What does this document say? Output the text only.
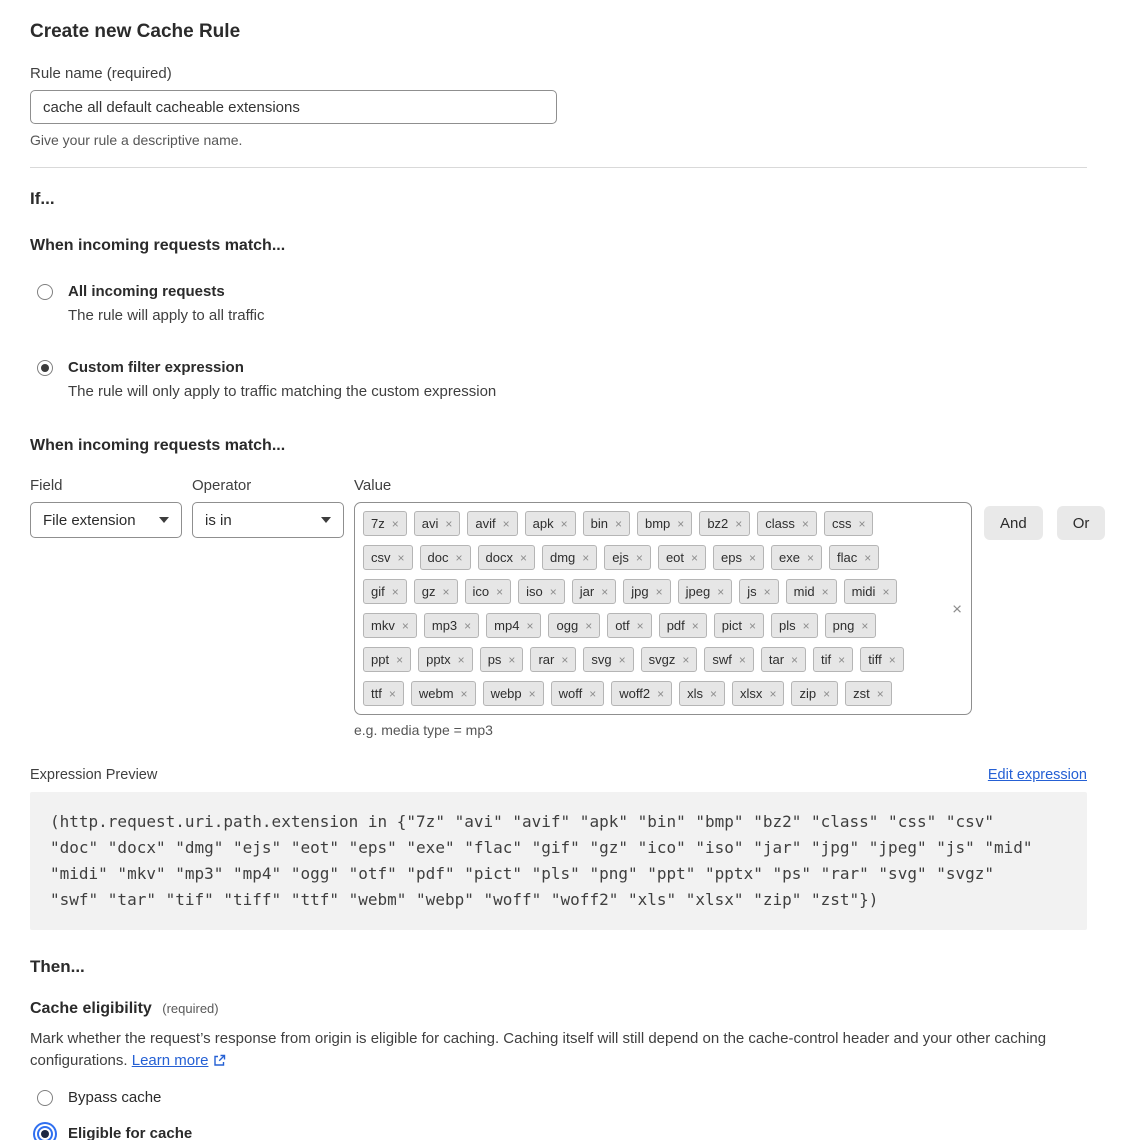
Create new Cache Rule
Rule name (required)
cache all default cacheable extensions
Give your rule a descriptive name.
If...
When incoming requests match...
All incoming requests
The rule will apply to all traffic
Custom filter expression
The rule will only apply to traffic matching the custom expression
When incoming requests match...
Field
File extension
Operator
is in
Value
7z × avi × avif × apk × bin × bmp × bz2 × class × css ×
csv × doc × docx × dmg × ejs × eot × eps × exe × flac ×
gif × gz × ico × iso × jar × jpg × jpeg × js × mid × midi ×
mkv × mp3 × mp4 × ogg × otf × pdf × pict × pls × png ×
ppt × pptx × ps × rar × svg × svgz × swf × tar × tif × tiff ×
ttf × webm × webp × woff × woff2 × xls × xlsx × zip × zst ×
×
e.g. media type = mp3
And	Or
Expression Preview	Edit expression
(http.request.uri.path.extension in {"7z" "avi" "avif" "apk" "bin" "bmp" "bz2" "class" "css" "csv" "doc" "docx" "dmg" "ejs" "eot" "eps" "exe" "flac" "gif" "gz" "ico" "iso" "jar" "jpg" "jpeg" "js" "mid" "midi" "mkv" "mp3" "mp4" "ogg" "otf" "pdf" "pict" "pls" "png" "ppt" "pptx" "ps" "rar" "svg" "svgz" "swf" "tar" "tif" "tiff" "ttf" "webm" "webp" "woff" "woff2" "xls" "xlsx" "zip" "zst"})
Then...
Cache eligibility (required)
Mark whether the request’s response from origin is eligible for caching. Caching itself will still depend on the cache-control header and your other caching configurations. Learn more
Bypass cache
Eligible for cache
